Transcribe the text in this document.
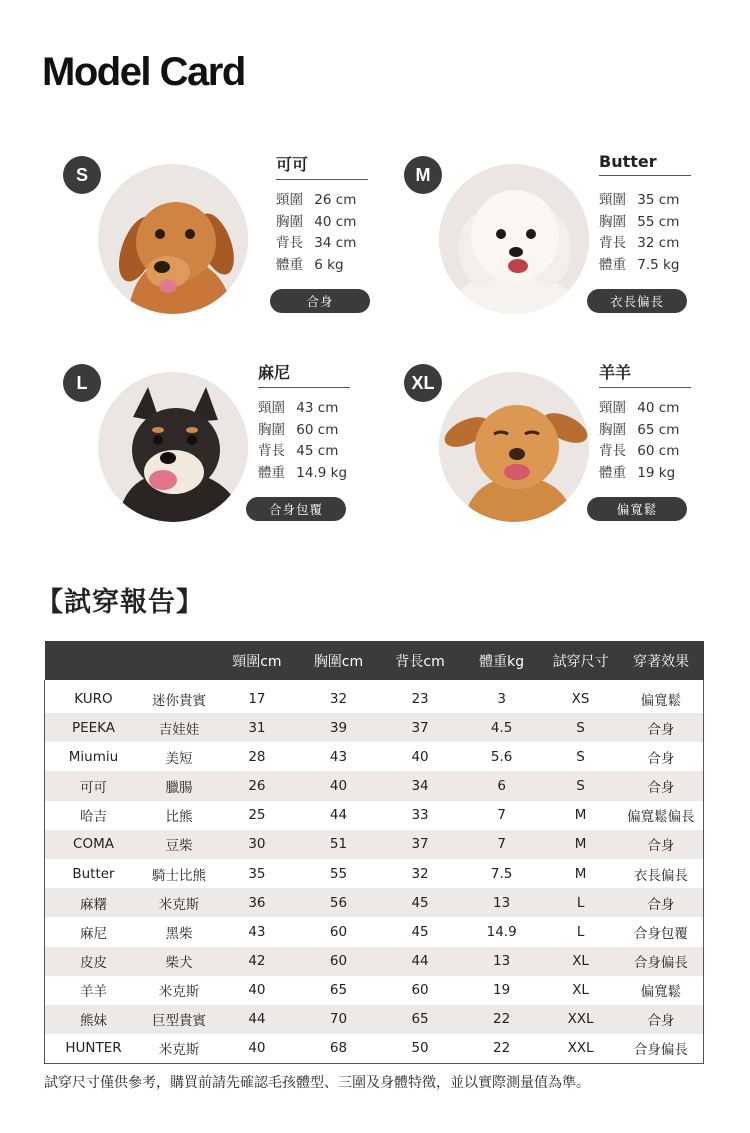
Model Card
S	可可
頸圍 26 cm
胸圍 40 cm
背長 34 cm
體重 6 kg
合身
M
Butter
頸圍 35 cm
胸圍 55 cm
背長 32 cm
體重 7.5 kg
衣長偏長
L	麻尼
頸圍 43 cm
胸圍 60 cm
背長 45 cm
體重 14.9 kg
合身包覆
XL	羊羊
頸圍 40 cm
胸圍 65 cm
背長 60 cm
體重 19 kg
偏寬鬆
【試穿報告】
		頸圍cm	胸圍cm	背長cm	體重kg	試穿尺寸	穿著效果
KURO	迷你貴賓	17	32	23	3	XS	偏寬鬆
PEEKA	吉娃娃	31	39	37	4.5	S	合身
Miumiu	美短	28	43	40	5.6	S	合身
可可	臘腸	26	40	34	6	S	合身
哈吉	比熊	25	44	33	7	M	偏寬鬆偏長
COMA	豆柴	30	51	37	7	M	合身
Butter	騎士比熊	35	55	32	7.5	M	衣長偏長
麻糬	米克斯	36	56	45	13	L	合身
麻尼	黑柴	43	60	45	14.9	L	合身包覆
皮皮	柴犬	42	60	44	13	XL	合身偏長
羊羊	米克斯	40	65	60	19	XL	偏寬鬆
熊妹	巨型貴賓	44	70	65	22	XXL	合身
HUNTER	米克斯	40	68	50	22	XXL	合身偏長
試穿尺寸僅供參考，購買前請先確認毛孩體型、三圍及身體特徵，並以實際測量值為準。
